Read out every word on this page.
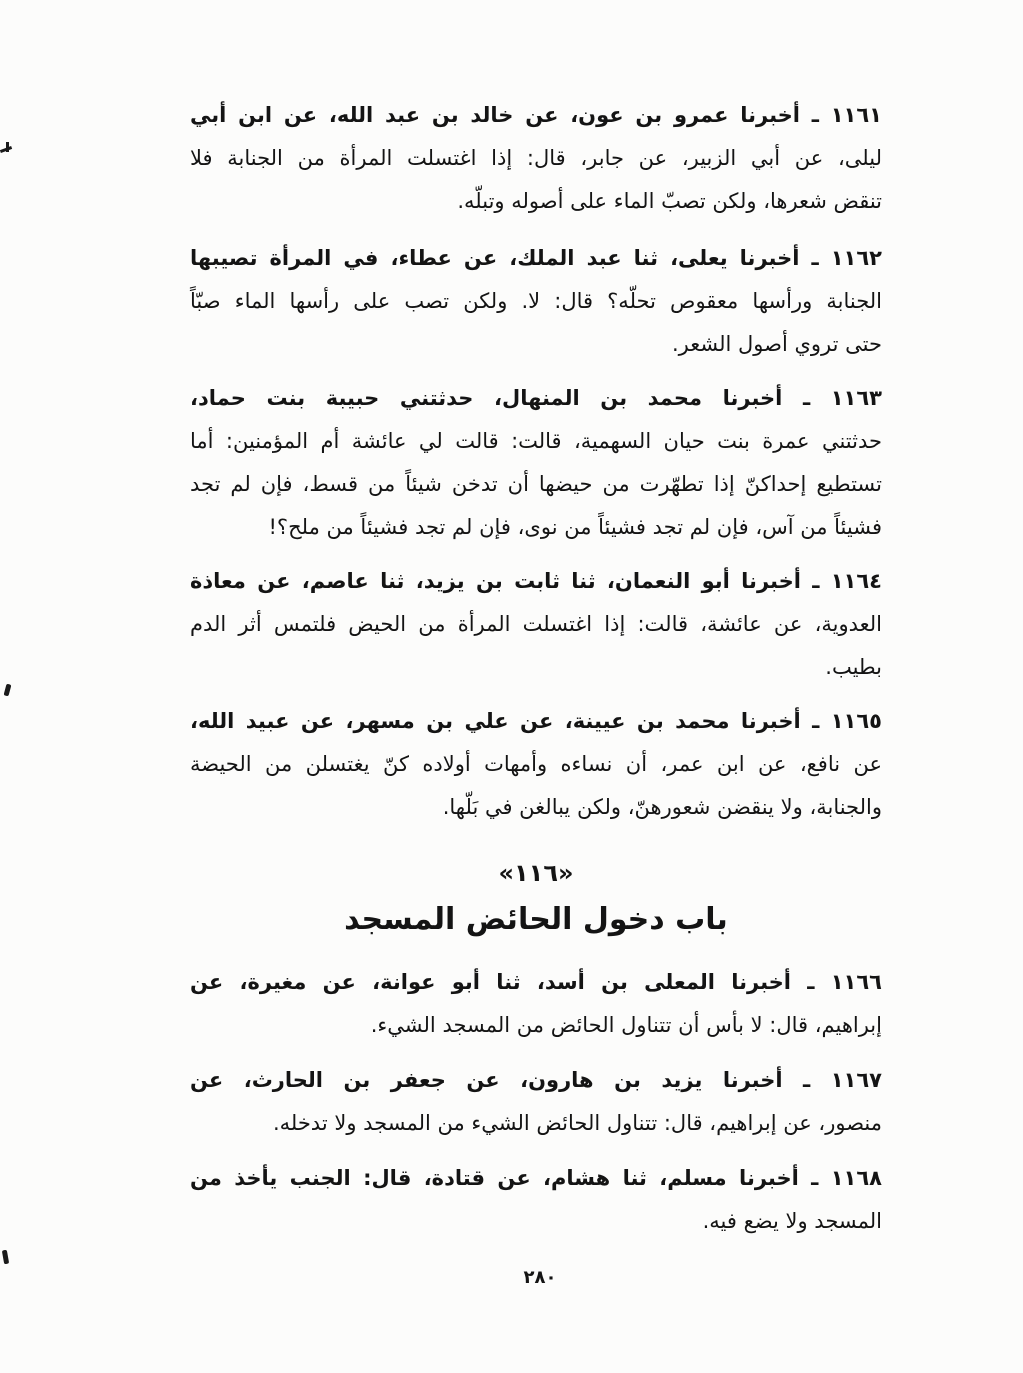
١١٦١ ـ أخبرنا عمرو بن عون، عن خالد بن عبد الله، عن ابن أبي
ليلى، عن أبي الزبير، عن جابر، قال: إذا اغتسلت المرأة من الجنابة فلا
تنقض شعرها، ولكن تصبّ الماء على أصوله وتبلّه.
١١٦٢ ـ أخبرنا يعلى، ثنا عبد الملك، عن عطاء، في المرأة تصيبها
الجنابة ورأسها معقوص تحلّه؟ قال: لا. ولكن تصب على رأسها الماء صبّاً
حتى تروي أصول الشعر.
١١٦٣ ـ أخبرنا محمد بن المنهال، حدثتني حبيبة بنت حماد،
حدثتني عمرة بنت حيان السهمية، قالت: قالت لي عائشة أم المؤمنين: أما
تستطيع إحداكنّ إذا تطهّرت من حيضها أن تدخن شيئاً من قسط، فإن لم تجد
فشيئاً من آس، فإن لم تجد فشيئاً من نوى، فإن لم تجد فشيئاً من ملح؟!
١١٦٤ ـ أخبرنا أبو النعمان، ثنا ثابت بن يزيد، ثنا عاصم، عن معاذة
العدوية، عن عائشة، قالت: إذا اغتسلت المرأة من الحيض فلتمس أثر الدم
بطيب.
١١٦٥ ـ أخبرنا محمد بن عيينة، عن علي بن مسهر، عن عبيد الله،
عن نافع، عن ابن عمر، أن نساءه وأمهات أولاده كنّ يغتسلن من الحيضة
والجنابة، ولا ينقضن شعورهنّ، ولكن يبالغن في بَلّها.
«١١٦»
باب دخول الحائض المسجد
١١٦٦ ـ أخبرنا المعلى بن أسد، ثنا أبو عوانة، عن مغيرة، عن
إبراهيم، قال: لا بأس أن تتناول الحائض من المسجد الشيء.
١١٦٧ ـ أخبرنا يزيد بن هارون، عن جعفر بن الحارث، عن
منصور، عن إبراهيم، قال: تتناول الحائض الشيء من المسجد ولا تدخله.
١١٦٨ ـ أخبرنا مسلم، ثنا هشام، عن قتادة، قال: الجنب يأخذ من
المسجد ولا يضع فيه.
٢٨٠
